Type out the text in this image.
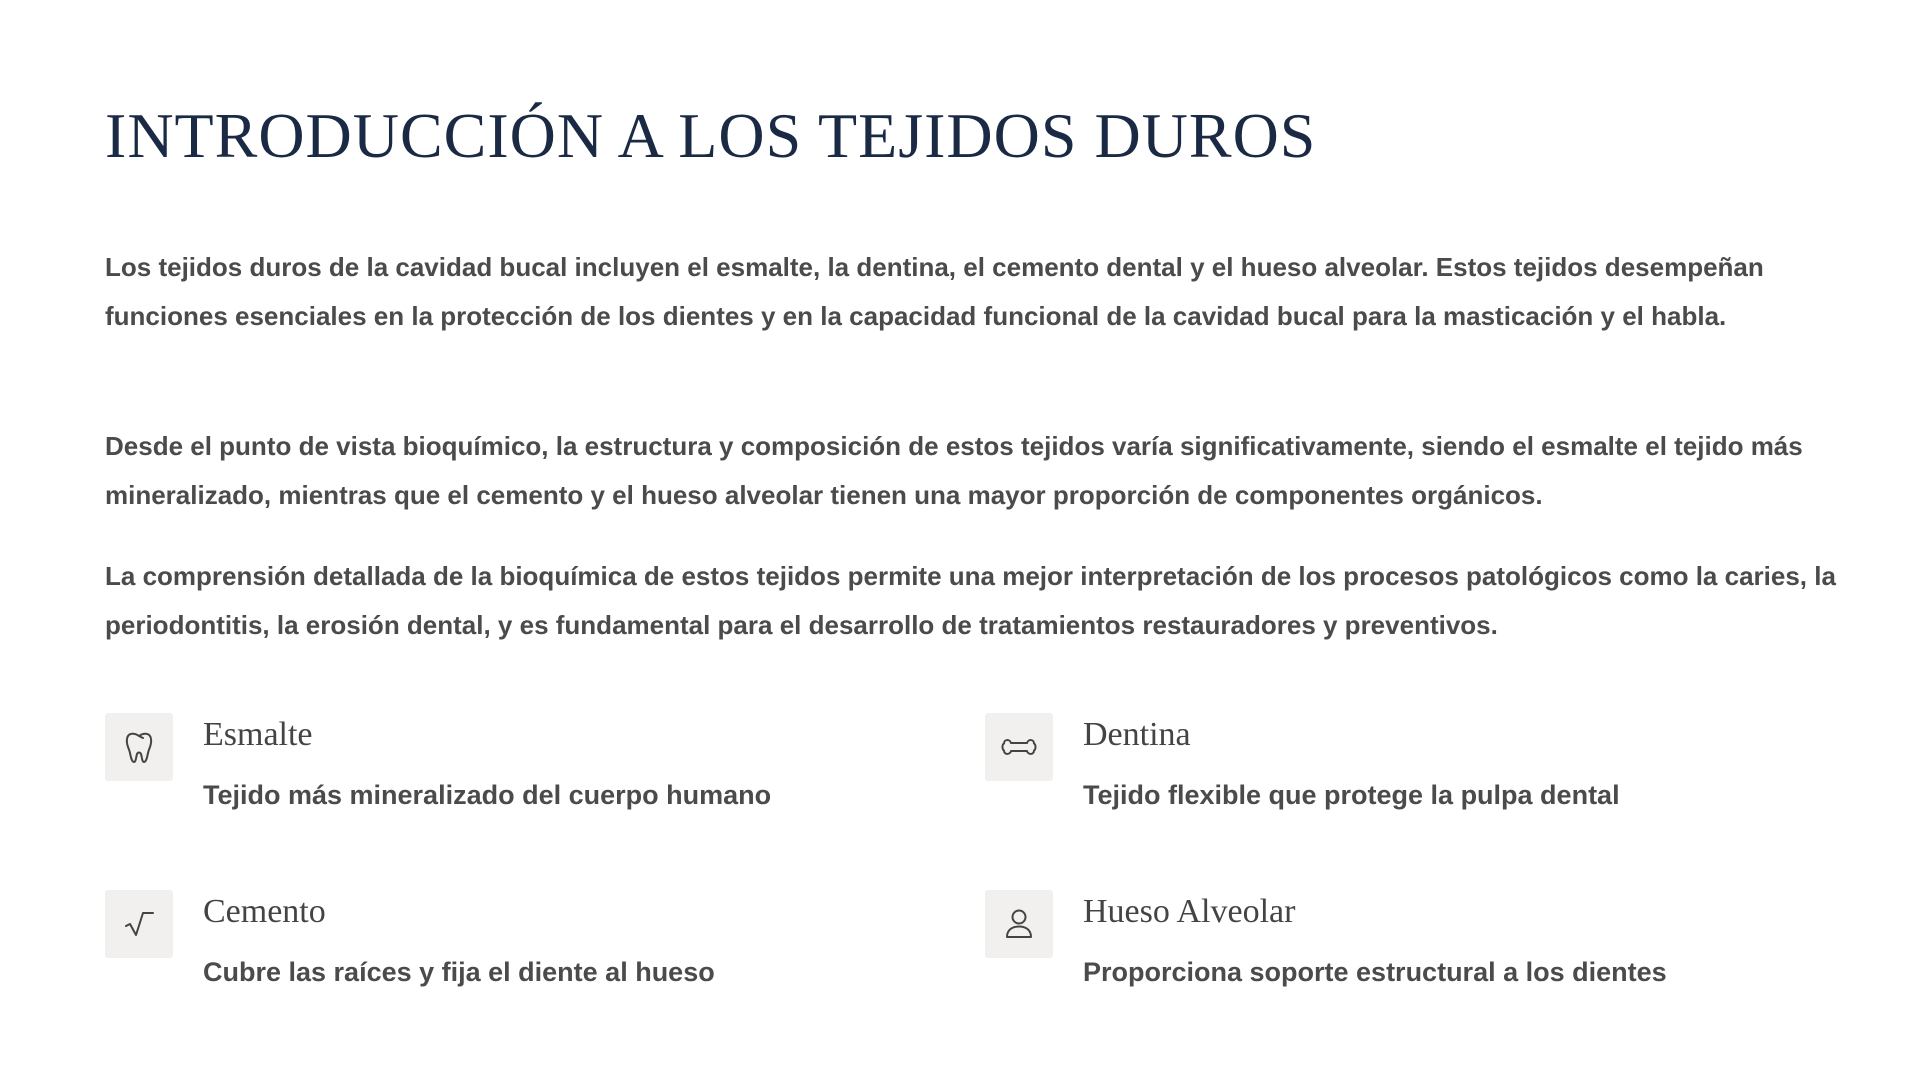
INTRODUCCIÓN A LOS TEJIDOS DUROS

Los tejidos duros de la cavidad bucal incluyen el esmalte, la dentina, el cemento dental y el hueso alveolar. Estos tejidos desempeñan funciones esenciales en la protección de los dientes y en la capacidad funcional de la cavidad bucal para la masticación y el habla.

Desde el punto de vista bioquímico, la estructura y composición de estos tejidos varía significativamente, siendo el esmalte el tejido más mineralizado, mientras que el cemento y el hueso alveolar tienen una mayor proporción de componentes orgánicos.

La comprensión detallada de la bioquímica de estos tejidos permite una mejor interpretación de los procesos patológicos como la caries, la periodontitis, la erosión dental, y es fundamental para el desarrollo de tratamientos restauradores y preventivos.

Esmalte
Tejido más mineralizado del cuerpo humano
Dentina
Tejido flexible que protege la pulpa dental
Cemento
Cubre las raíces y fija el diente al hueso
Hueso Alveolar
Proporciona soporte estructural a los dientes
